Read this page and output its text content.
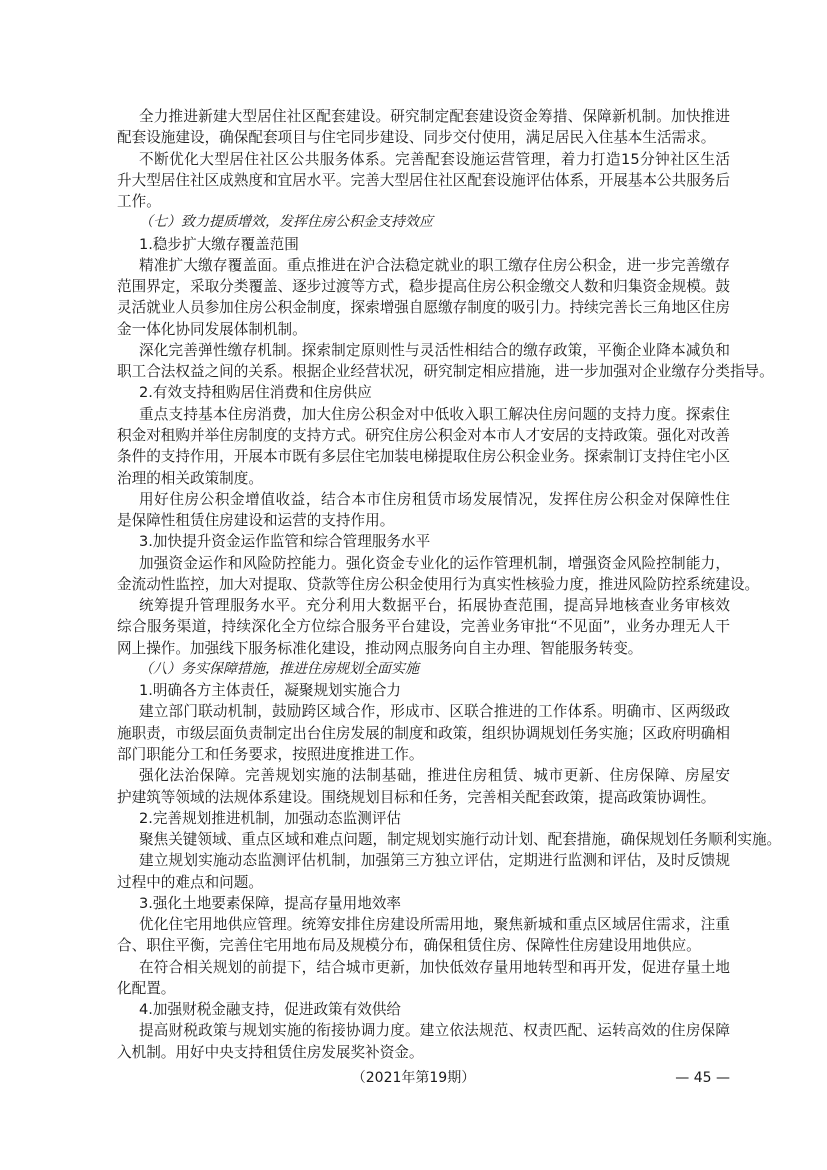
全力推进新建大型居住社区配套建设。研究制定配套建设资金筹措、保障新机制。加快推进
配套设施建设，确保配套项目与住宅同步建设、同步交付使用，满足居民入住基本生活需求。
不断优化大型居住社区公共服务体系。完善配套设施运营管理，着力打造15分钟社区生活
升大型居住社区成熟度和宜居水平。完善大型居住社区配套设施评估体系，开展基本公共服务后
工作。
（七）致力提质增效，发挥住房公积金支持效应
1.稳步扩大缴存覆盖范围
精准扩大缴存覆盖面。重点推进在沪合法稳定就业的职工缴存住房公积金，进一步完善缴存
范围界定，采取分类覆盖、逐步过渡等方式，稳步提高住房公积金缴交人数和归集资金规模。鼓
灵活就业人员参加住房公积金制度，探索增强自愿缴存制度的吸引力。持续完善长三角地区住房
金一体化协同发展体制机制。
深化完善弹性缴存机制。探索制定原则性与灵活性相结合的缴存政策，平衡企业降本减负和
职工合法权益之间的关系。根据企业经营状况，研究制定相应措施，进一步加强对企业缴存分类指导。
2.有效支持租购居住消费和住房供应
重点支持基本住房消费，加大住房公积金对中低收入职工解决住房问题的支持力度。探索住
积金对租购并举住房制度的支持方式。研究住房公积金对本市人才安居的支持政策。强化对改善
条件的支持作用，开展本市既有多层住宅加装电梯提取住房公积金业务。探索制订支持住宅小区
治理的相关政策制度。
用好住房公积金增值收益，结合本市住房租赁市场发展情况，发挥住房公积金对保障性住
是保障性租赁住房建设和运营的支持作用。
3.加快提升资金运作监管和综合管理服务水平
加强资金运作和风险防控能力。强化资金专业化的运作管理机制，增强资金风险控制能力，
金流动性监控，加大对提取、贷款等住房公积金使用行为真实性核验力度，推进风险防控系统建设。
统筹提升管理服务水平。充分利用大数据平台，拓展协查范围，提高异地核查业务审核效
综合服务渠道，持续深化全方位综合服务平台建设，完善业务审批“不见面”，业务办理无人干
网上操作。加强线下服务标准化建设，推动网点服务向自主办理、智能服务转变。
（八）务实保障措施，推进住房规划全面实施
1.明确各方主体责任，凝聚规划实施合力
建立部门联动机制，鼓励跨区域合作，形成市、区联合推进的工作体系。明确市、区两级政
施职责，市级层面负责制定出台住房发展的制度和政策，组织协调规划任务实施；区政府明确相
部门职能分工和任务要求，按照进度推进工作。
强化法治保障。完善规划实施的法制基础，推进住房租赁、城市更新、住房保障、房屋安
护建筑等领域的法规体系建设。围绕规划目标和任务，完善相关配套政策，提高政策协调性。
2.完善规划推进机制，加强动态监测评估
聚焦关键领域、重点区域和难点问题，制定规划实施行动计划、配套措施，确保规划任务顺利实施。
建立规划实施动态监测评估机制，加强第三方独立评估，定期进行监测和评估，及时反馈规
过程中的难点和问题。
3.强化土地要素保障，提高存量用地效率
优化住宅用地供应管理。统筹安排住房建设所需用地，聚焦新城和重点区域居住需求，注重
合、职住平衡，完善住宅用地布局及规模分布，确保租赁住房、保障性住房建设用地供应。
在符合相关规划的前提下，结合城市更新，加快低效存量用地转型和再开发，促进存量土地
化配置。
4.加强财税金融支持，促进政策有效供给
提高财税政策与规划实施的衔接协调力度。建立依法规范、权责匹配、运转高效的住房保障
入机制。用好中央支持租赁住房发展奖补资金。
（2021年第19期）	— 45 —
